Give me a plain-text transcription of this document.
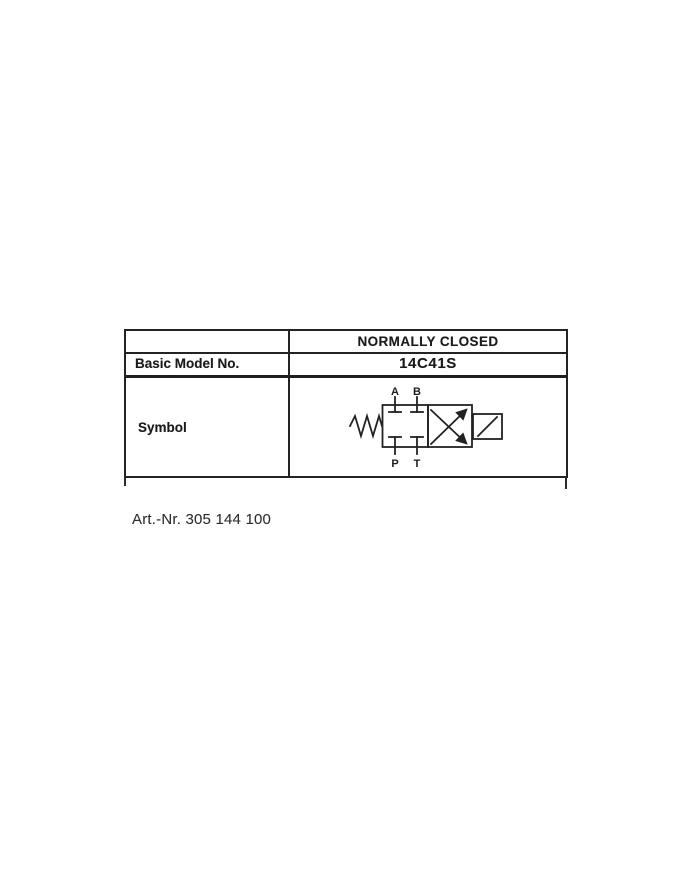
NORMALLY CLOSED
Basic Model No.	14C41S
Symbol
A B
P T
Art.-Nr. 305 144 100
